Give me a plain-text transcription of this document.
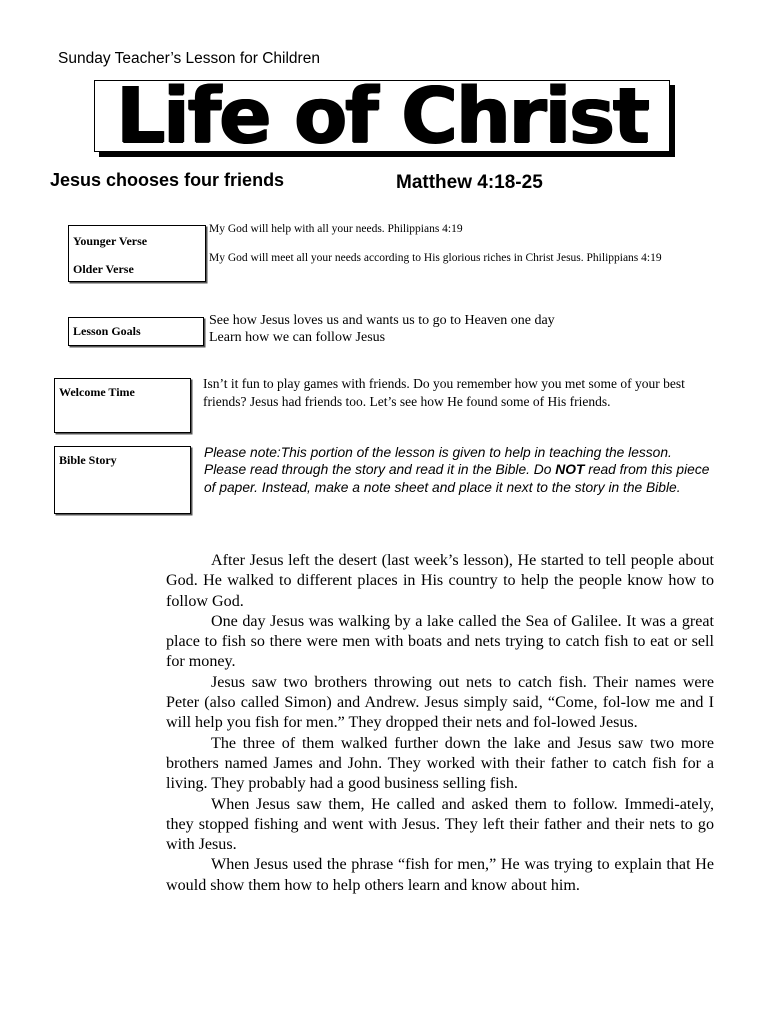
Sunday Teacher’s Lesson for Children
Life of Christ
Jesus chooses four friends	Matthew 4:18-25
Younger Verse
Older Verse
My God will help with all your needs. Philippians 4:19
My God will meet all your needs according to His glorious riches in Christ Jesus. Philippians 4:19
Lesson Goals
See how Jesus loves us and wants us to go to Heaven one day
Learn how we can follow Jesus
Welcome Time
Isn’t it fun to play games with friends. Do you remember how you met some of your best friends? Jesus had friends too. Let’s see how He found some of His friends.
Bible Story	Please note:This portion of the lesson is given to help in teaching the lesson. Please read through the story and read it in the Bible. Do NOT read from this piece of paper. Instead, make a note sheet and place it next to the story in the Bible.

After Jesus left the desert (last week’s lesson), He started to tell people about God. He walked to different places in His country to help the people know how to follow God.

One day Jesus was walking by a lake called the Sea of Galilee. It was a great place to fish so there were men with boats and nets trying to catch fish to eat or sell for money.

Jesus saw two brothers throwing out nets to catch fish. Their names were Peter (also called Simon) and Andrew. Jesus simply said, “Come, fol-low me and I will help you fish for men.” They dropped their nets and fol-lowed Jesus.

The three of them walked further down the lake and Jesus saw two more brothers named James and John. They worked with their father to catch fish for a living. They probably had a good business selling fish.

When Jesus saw them, He called and asked them to follow. Immedi-ately, they stopped fishing and went with Jesus. They left their father and their nets to go with Jesus.

When Jesus used the phrase “fish for men,” He was trying to explain that He would show them how to help others learn and know about him.
